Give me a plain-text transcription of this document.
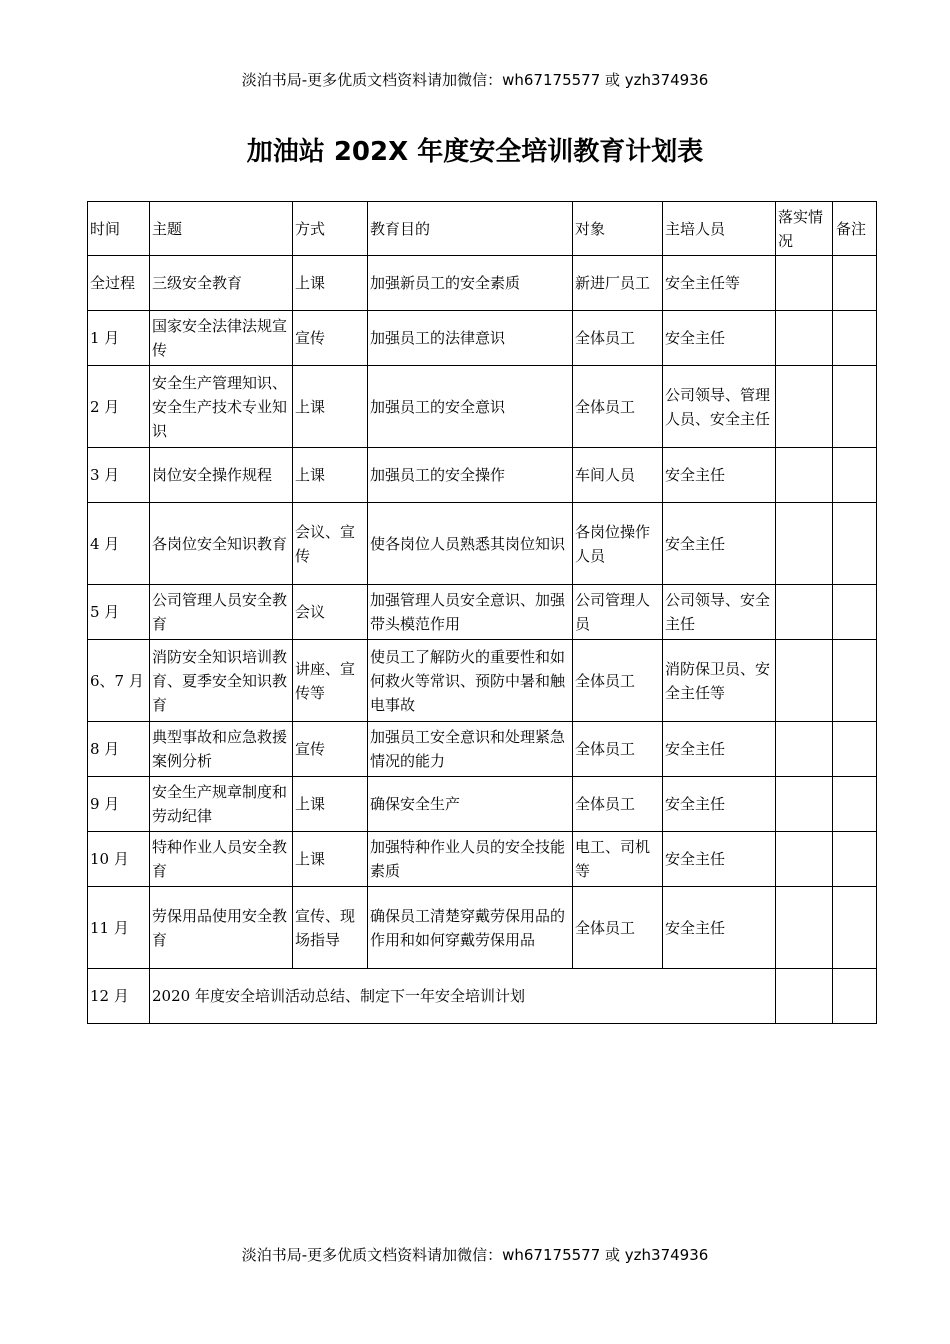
淡泊书局-更多优质文档资料请加微信：wh67175577 或 yzh374936
加油站 202X 年度安全培训教育计划表
时间	主题	方式	教育目的	对象	主培人员	落实情况	备注
全过程	三级安全教育	上课	加强新员工的安全素质	新进厂员工	安全主任等		
1 月	国家安全法律法规宣传	宣传	加强员工的法律意识	全体员工	安全主任		
2 月	安全生产管理知识、安全生产技术专业知识	上课	加强员工的安全意识	全体员工	公司领导、管理人员、安全主任		
3 月	岗位安全操作规程	上课	加强员工的安全操作	车间人员	安全主任		
4 月	各岗位安全知识教育	会议、宣传	使各岗位人员熟悉其岗位知识	各岗位操作人员	安全主任		
5 月	公司管理人员安全教育	会议	加强管理人员安全意识、加强带头模范作用	公司管理人员	公司领导、安全主任		
6、7 月	消防安全知识培训教育、夏季安全知识教育	讲座、宣传等	使员工了解防火的重要性和如何救火等常识、预防中暑和触电事故	全体员工	消防保卫员、安全主任等		
8 月	典型事故和应急救援案例分析	宣传	加强员工安全意识和处理紧急情况的能力	全体员工	安全主任		
9 月	安全生产规章制度和劳动纪律	上课	确保安全生产	全体员工	安全主任		
10 月	特种作业人员安全教育	上课	加强特种作业人员的安全技能素质	电工、司机等	安全主任		
11 月	劳保用品使用安全教育	宣传、现场指导	确保员工清楚穿戴劳保用品的作用和如何穿戴劳保用品	全体员工	安全主任		
12 月	2020 年度安全培训活动总结、制定下一年安全培训计划						
淡泊书局-更多优质文档资料请加微信：wh67175577 或 yzh374936
